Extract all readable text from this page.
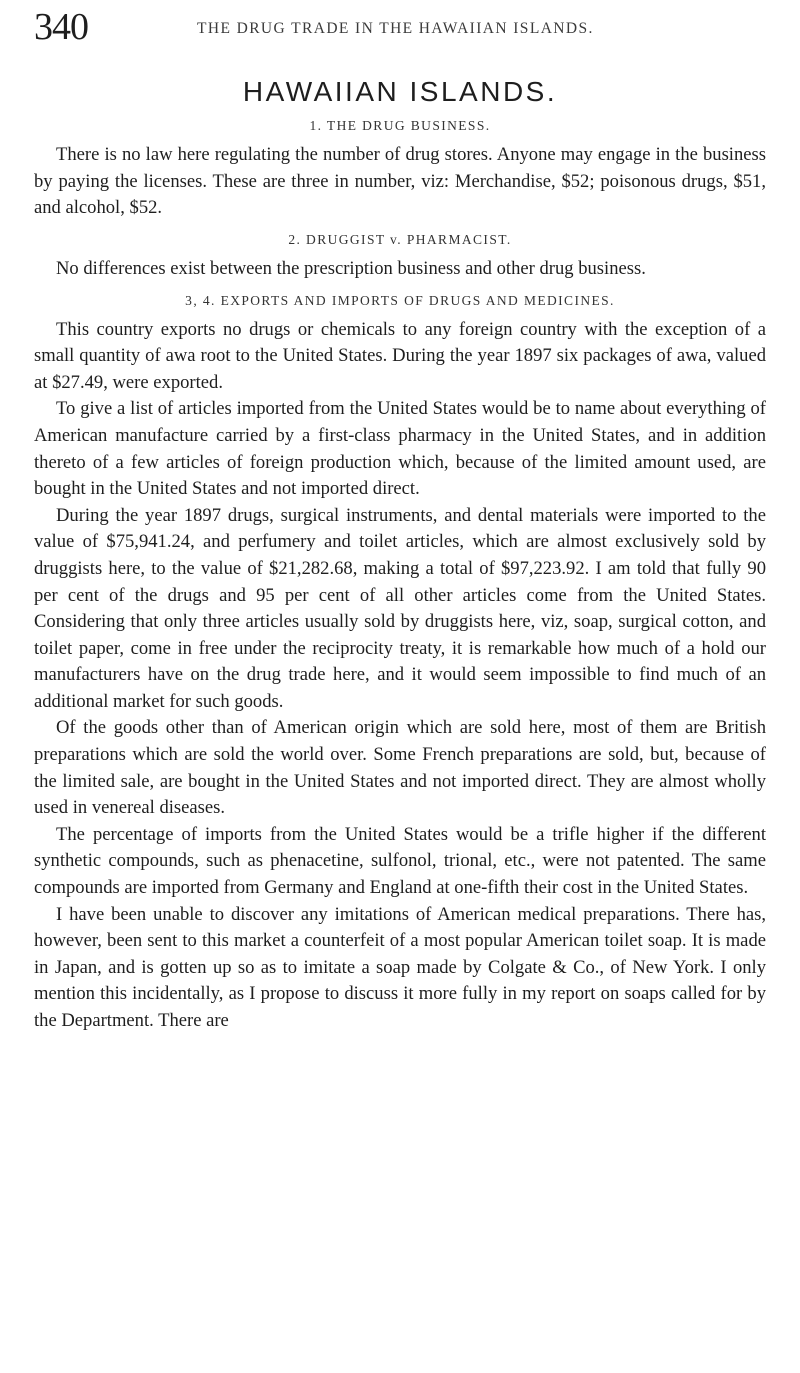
340	THE DRUG TRADE IN THE HAWAIIAN ISLANDS.
HAWAIIAN ISLANDS.
1. THE DRUG BUSINESS.

There is no law here regulating the number of drug stores. Anyone may engage in the business by paying the licenses. These are three in number, viz: Merchandise, $52; poisonous drugs, $51, and alcohol, $52.

2. DRUGGIST v. PHARMACIST.

No differences exist between the prescription business and other drug business.

3, 4. EXPORTS AND IMPORTS OF DRUGS AND MEDICINES.

This country exports no drugs or chemicals to any foreign country with the exception of a small quantity of awa root to the United States. During the year 1897 six packages of awa, valued at $27.49, were exported.

To give a list of articles imported from the United States would be to name about everything of American manufacture carried by a first-class pharmacy in the United States, and in addition thereto of a few articles of foreign production which, because of the limited amount used, are bought in the United States and not imported direct.

During the year 1897 drugs, surgical instruments, and dental materials were imported to the value of $75,941.24, and perfumery and toilet articles, which are almost exclusively sold by druggists here, to the value of $21,282.68, making a total of $97,223.92. I am told that fully 90 per cent of the drugs and 95 per cent of all other articles come from the United States. Considering that only three articles usually sold by druggists here, viz, soap, surgical cotton, and toilet paper, come in free under the reciprocity treaty, it is remarkable how much of a hold our manufacturers have on the drug trade here, and it would seem impossible to find much of an additional market for such goods.

Of the goods other than of American origin which are sold here, most of them are British preparations which are sold the world over. Some French preparations are sold, but, because of the limited sale, are bought in the United States and not imported direct. They are almost wholly used in venereal diseases.

The percentage of imports from the United States would be a trifle higher if the different synthetic compounds, such as phenacetine, sulfonol, trional, etc., were not patented. The same compounds are imported from Germany and England at one-fifth their cost in the United States.

I have been unable to discover any imitations of American medical preparations. There has, however, been sent to this market a counterfeit of a most popular American toilet soap. It is made in Japan, and is gotten up so as to imitate a soap made by Colgate & Co., of New York. I only mention this incidentally, as I propose to discuss it more fully in my report on soaps called for by the Department. There are
